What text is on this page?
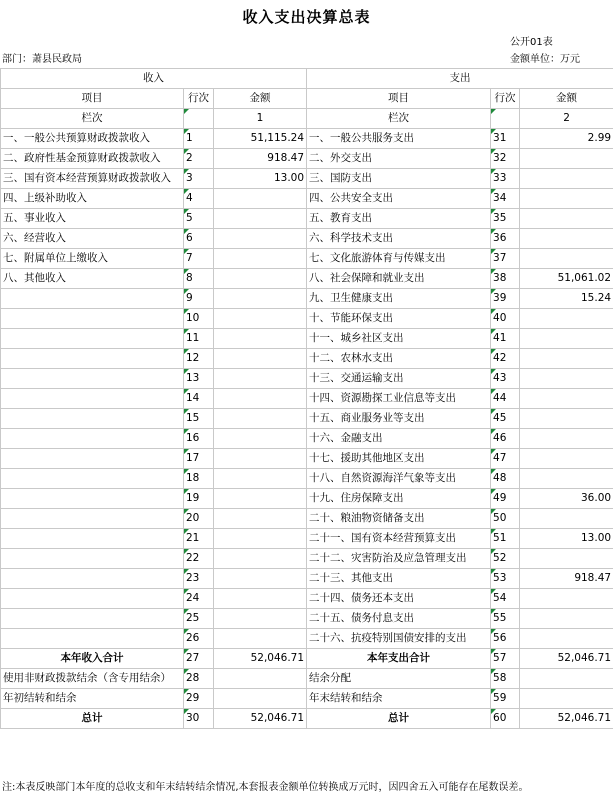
收入支出决算总表
公开01表
部门：萧县民政局	金额单位：万元
收入			支出		
项目	行次	金额	项目	行次	金额
栏次		1	栏次		2
一、一般公共预算财政拨款收入	1	51,115.24	一、一般公共服务支出	31	2.99
二、政府性基金预算财政拨款收入	2	918.47	二、外交支出	32	
三、国有资本经营预算财政拨款收入	3	13.00	三、国防支出	33	
四、上级补助收入	4		四、公共安全支出	34	
五、事业收入	5		五、教育支出	35	
六、经营收入	6		六、科学技术支出	36	
七、附属单位上缴收入	7		七、文化旅游体育与传媒支出	37	
八、其他收入	8		八、社会保障和就业支出	38	51,061.02
	9		九、卫生健康支出	39	15.24
	10		十、节能环保支出	40	
	11		十一、城乡社区支出	41	
	12		十二、农林水支出	42	
	13		十三、交通运输支出	43	
	14		十四、资源勘探工业信息等支出	44	
	15		十五、商业服务业等支出	45	
	16		十六、金融支出	46	
	17		十七、援助其他地区支出	47	
	18		十八、自然资源海洋气象等支出	48	
	19		十九、住房保障支出	49	36.00
	20		二十、粮油物资储备支出	50	
	21		二十一、国有资本经营预算支出	51	13.00
	22		二十二、灾害防治及应急管理支出	52	
	23		二十三、其他支出	53	918.47
	24		二十四、债务还本支出	54	
	25		二十五、债务付息支出	55	
	26		二十六、抗疫特别国债安排的支出	56	
本年收入合计	27	52,046.71	本年支出合计	57	52,046.71
使用非财政拨款结余（含专用结余）	28		结余分配	58	
年初结转和结余	29		年末结转和结余	59	
总计	30	52,046.71	总计	60	52,046.71
注:本表反映部门本年度的总收支和年末结转结余情况,本套报表金额单位转换成万元时，因四舍五入可能存在尾数误差。
